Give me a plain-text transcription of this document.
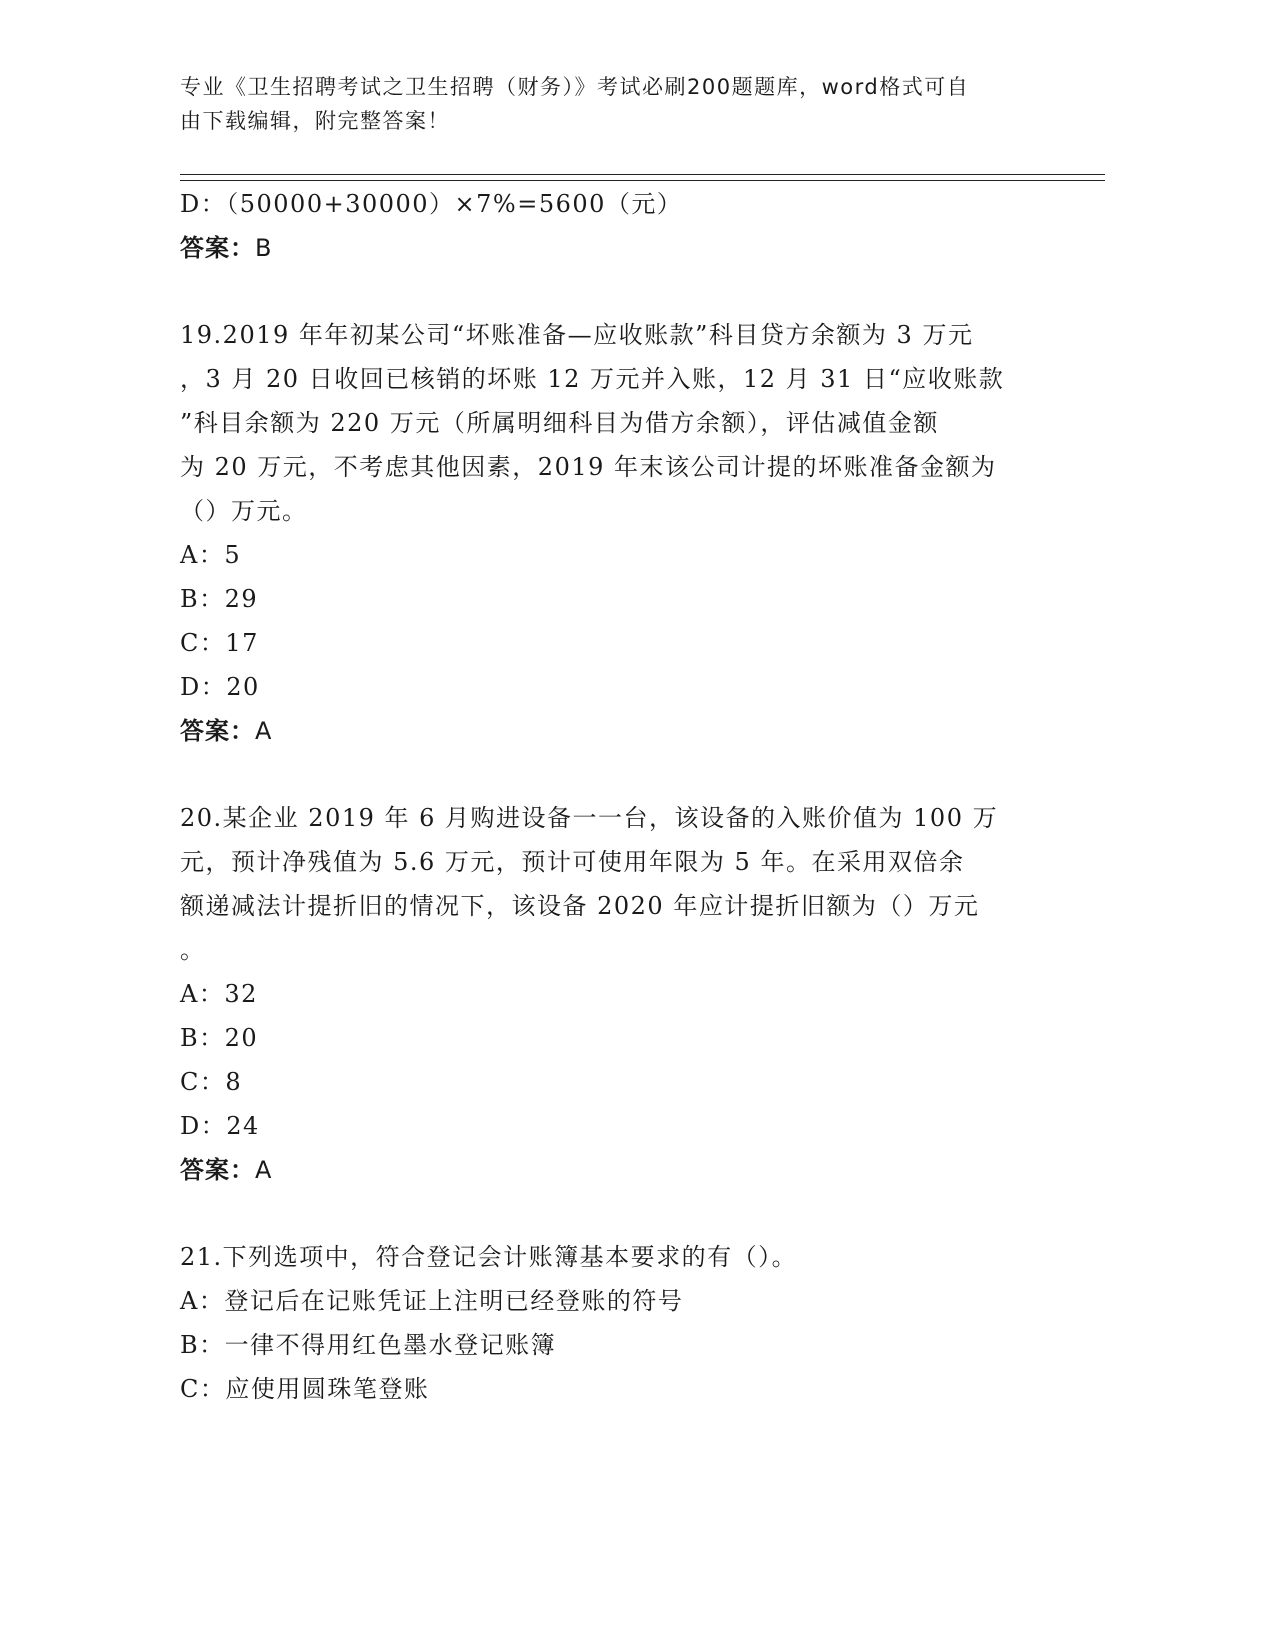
专业《卫生招聘考试之卫生招聘（财务）》考试必刷200题题库，word格式可自
由下载编辑，附完整答案！
D：（50000+30000）×7%=5600（元）
答案：B
19.2019 年年初某公司“坏账准备—应收账款”科目贷方余额为 3 万元
，3 月 20 日收回已核销的坏账 12 万元并入账，12 月 31 日“应收账款
”科目余额为 220 万元（所属明细科目为借方余额），评估减值金额
为 20 万元，不考虑其他因素，2019 年末该公司计提的坏账准备金额为
（）万元。
A：5
B：29
C：17
D：20
答案：A
20.某企业 2019 年 6 月购进设备一一台，该设备的入账价值为 100 万
元，预计净残值为 5.6 万元，预计可使用年限为 5 年。在采用双倍余
额递减法计提折旧的情况下，该设备 2020 年应计提折旧额为（）万元
。
A：32
B：20
C：8
D：24
答案：A
21.下列选项中，符合登记会计账簿基本要求的有（）。
A：登记后在记账凭证上注明已经登账的符号
B：一律不得用红色墨水登记账簿
C：应使用圆珠笔登账
